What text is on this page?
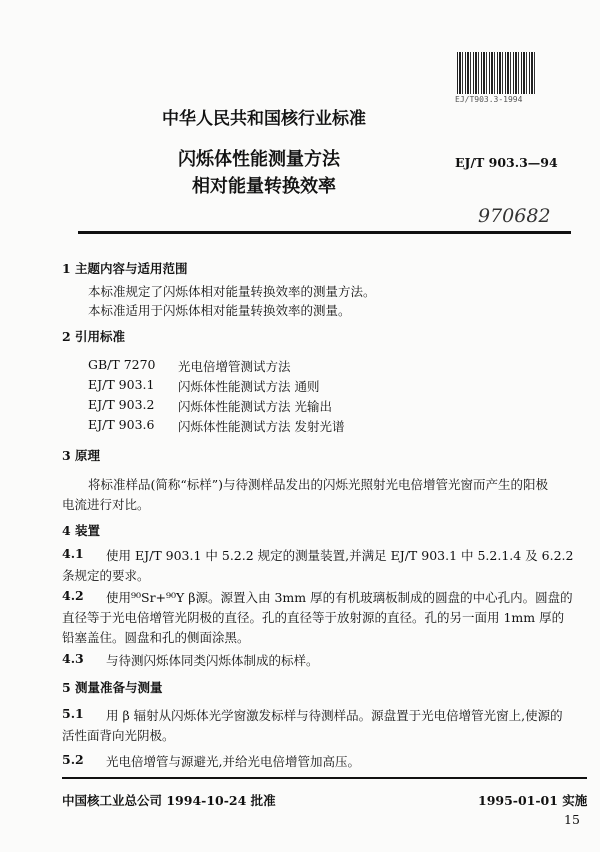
EJ/T903.3-1994
中华人民共和国核行业标准
闪烁体性能测量方法
相对能量转换效率
EJ/T 903.3—94
970682
1 主题内容与适用范围
本标准规定了闪烁体相对能量转换效率的测量方法。
本标准适用于闪烁体相对能量转换效率的测量。
2 引用标准
GB/T 7270 光电倍增管测试方法
EJ/T 903.1 闪烁体性能测试方法 通则
EJ/T 903.2 闪烁体性能测试方法 光输出
EJ/T 903.6 闪烁体性能测试方法 发射光谱
3 原理
将标准样品(简称“标样”)与待测样品发出的闪烁光照射光电倍增管光窗而产生的阳极
电流进行对比。
4 装置
4.1 使用 EJ/T 903.1 中 5.2.2 规定的测量装置,并满足 EJ/T 903.1 中 5.2.1.4 及 6.2.2
条规定的要求。
4.2 使用⁹⁰Sr+⁹⁰Y β源。源置入由 3mm 厚的有机玻璃板制成的圆盘的中心孔内。圆盘的
直径等于光电倍增管光阴极的直径。孔的直径等于放射源的直径。孔的另一面用 1mm 厚的
铅塞盖住。圆盘和孔的侧面涂黑。
4.3 与待测闪烁体同类闪烁体制成的标样。
5 测量准备与测量
5.1 用 β 辐射从闪烁体光学窗激发标样与待测样品。源盘置于光电倍增管光窗上,使源的
活性面背向光阴极。
5.2 光电倍增管与源避光,并给光电倍增管加高压。
中国核工业总公司 1994-10-24 批准	1995-01-01 实施
15
